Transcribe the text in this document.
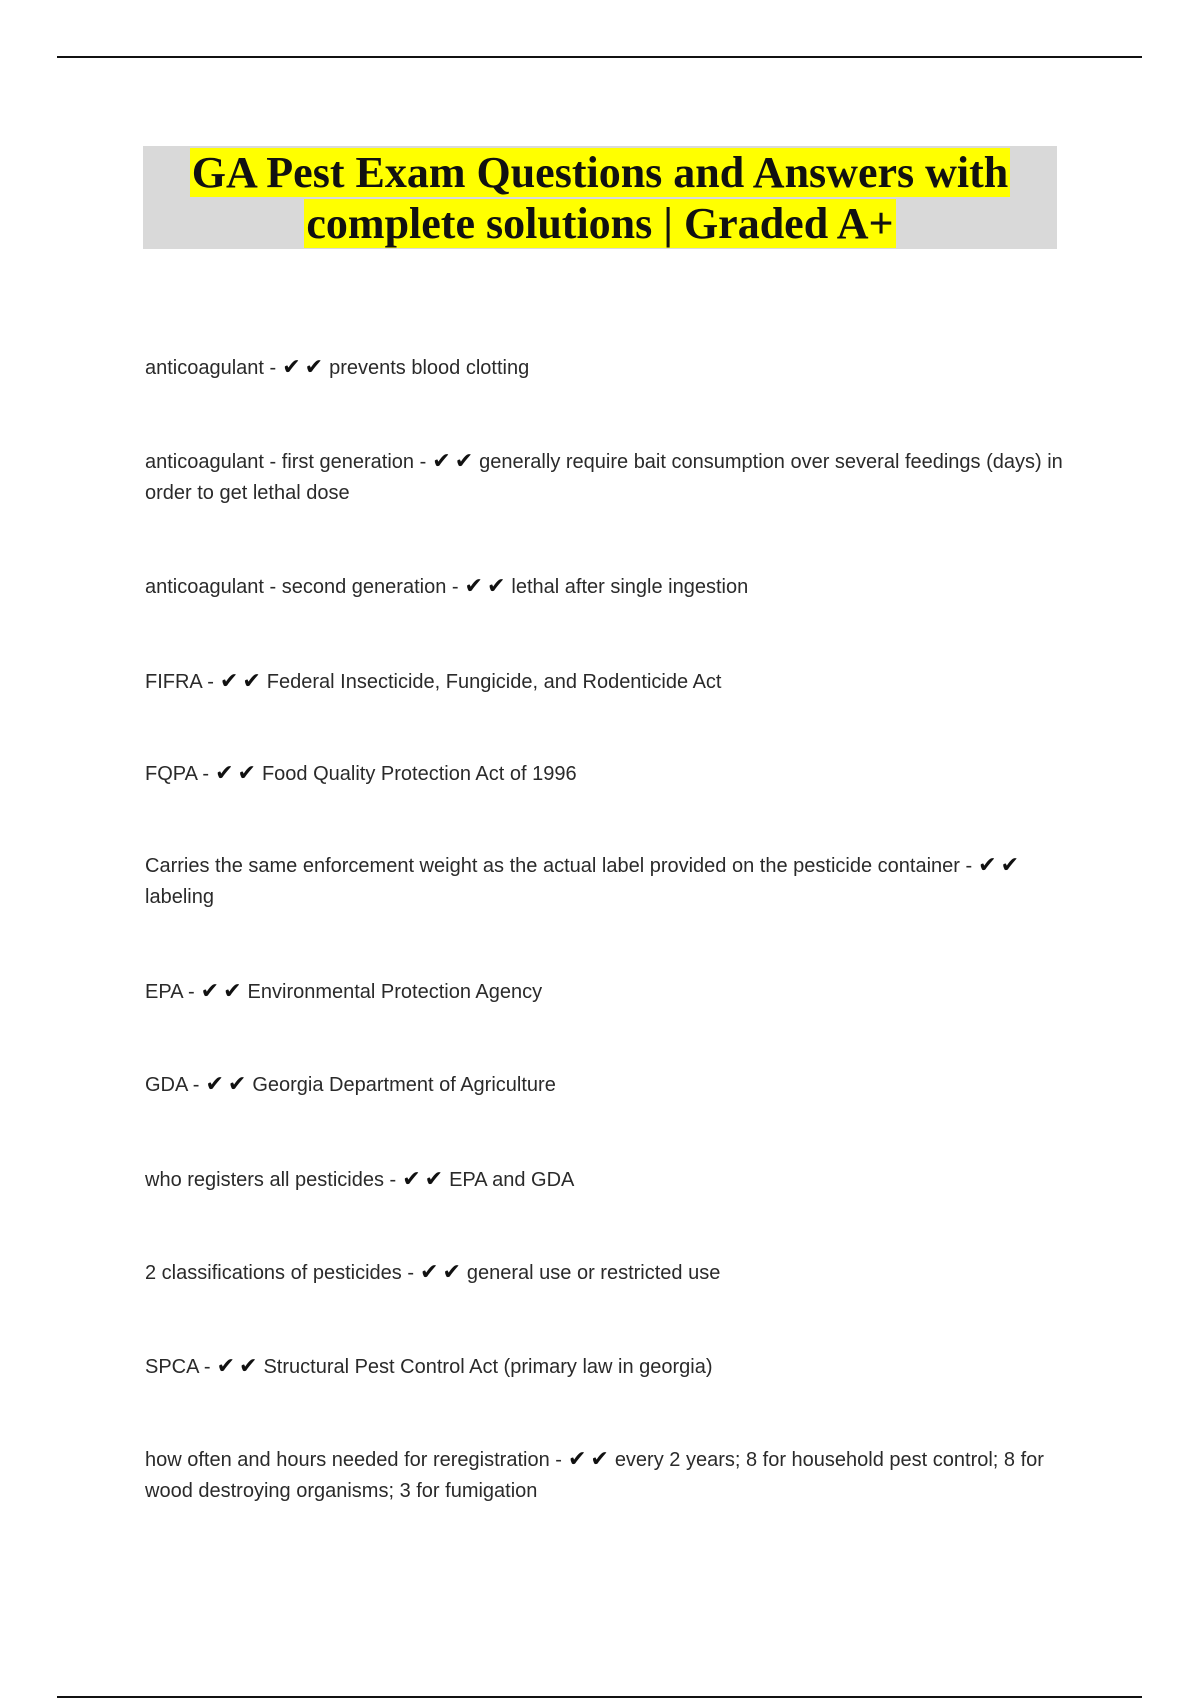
GA Pest Exam Questions and Answers with
complete solutions | Graded A+

anticoagulant - ✔✔ prevents blood clotting

anticoagulant - first generation - ✔✔ generally require bait consumption over several feedings (days) in order to get lethal dose

anticoagulant - second generation - ✔✔ lethal after single ingestion

FIFRA - ✔✔ Federal Insecticide, Fungicide, and Rodenticide Act

FQPA - ✔✔ Food Quality Protection Act of 1996

Carries the same enforcement weight as the actual label provided on the pesticide container - ✔✔labeling

EPA - ✔✔ Environmental Protection Agency

GDA - ✔✔ Georgia Department of Agriculture

who registers all pesticides - ✔✔ EPA and GDA

2 classifications of pesticides - ✔✔ general use or restricted use

SPCA - ✔✔ Structural Pest Control Act (primary law in georgia)

how often and hours needed for reregistration - ✔✔ every 2 years; 8 for household pest control; 8 for wood destroying organisms; 3 for fumigation
